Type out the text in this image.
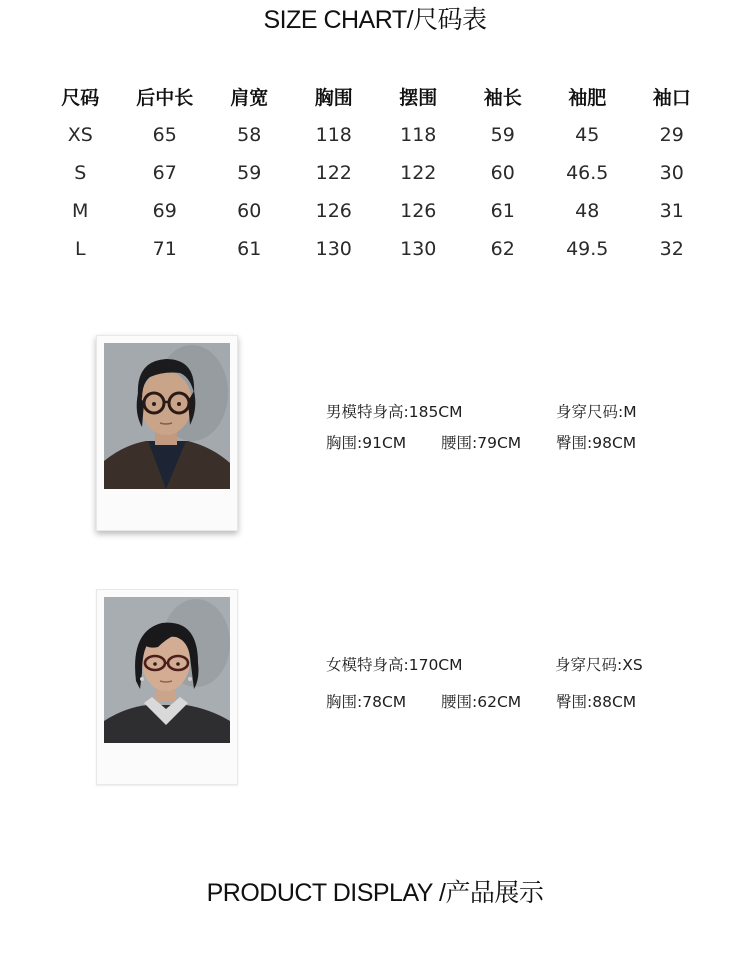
SIZE CHART/尺码表
尺码	后中长	肩宽	胸围	摆围	袖长	袖肥	袖口
XS	65	58	118	118	59	45	29
S	67	59	122	122	60	46.5	30
M	69	60	126	126	61	48	31
L	71	61	130	130	62	49.5	32
男模特身高:185CM	身穿尺码:M
胸围:91CM 腰围:79CM 臀围:98CM
女模特身高:170CM	身穿尺码:XS
胸围:78CM 腰围:62CM 臀围:88CM
PRODUCT DISPLAY /产品展示
